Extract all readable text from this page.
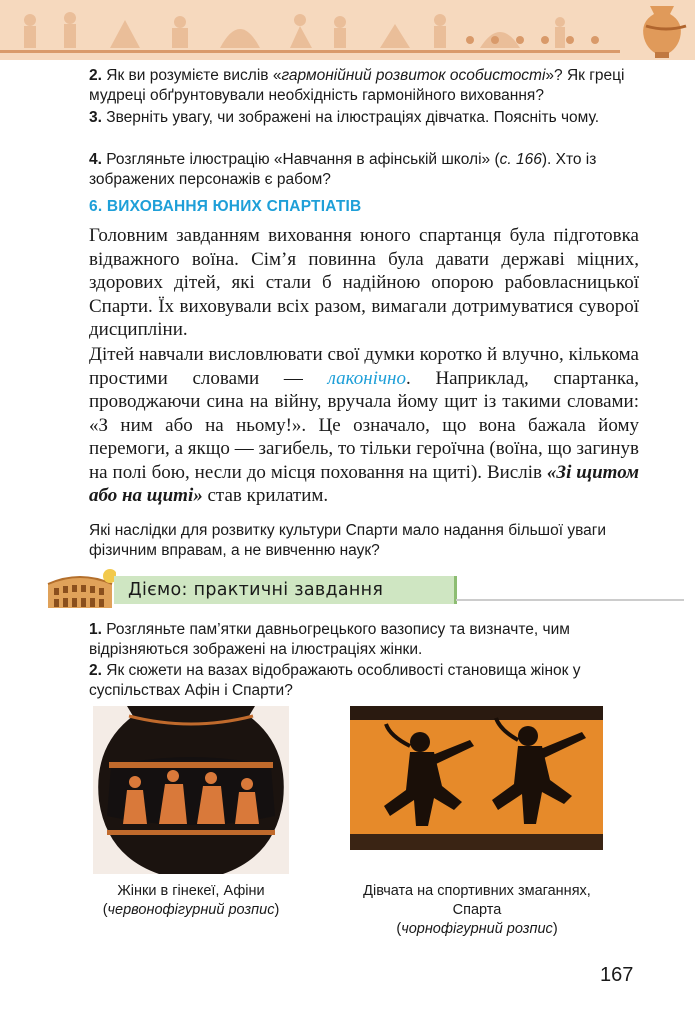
2. Як ви розумієте вислів «гармонійний розвиток особистості»? Як греці мудреці обґрунтовували необхідність гармонійного виховання?
3. Зверніть увагу, чи зображені на ілюстраціях дівчатка. Поясніть чому.
4. Розгляньте ілюстрацію «Навчання в афінській школі» (с. 166). Хто із зображених персонажів є рабом?
6. ВИХОВАННЯ ЮНИХ СПАРТІАТІВ
Головним завданням виховання юного спартанця була підготовка відважного воїна. Сім’я повинна була давати державі міцних, здорових дітей, які стали б надійною опорою рабовласницької Спарти. Їх виховували всіх разом, вимагали дотримуватися суворої дисципліни.
Дітей навчали висловлювати свої думки коротко й влучно, кількома простими словами — лаконічно. Наприклад, спартанка, проводжаючи сина на війну, вручала йому щит із такими словами: «З ним або на ньому!». Це означало, що вона бажала йому перемоги, а якщо — загибель, то тільки героїчна (воїна, що загинув на полі бою, несли до місця поховання на щиті). Вислів «Зі щитом або на щиті» став крилатим.
Які наслідки для розвитку культури Спарти мало надання більшої уваги фізичним вправам, а не вивченню наук?
Діємо: практичні завдання
1. Розгляньте пам’ятки давньогрецького вазопису та визначте, чим відрізняються зображені на ілюстраціях жінки.
2. Як сюжети на вазах відображають особливості становища жінок у суспільствах Афін і Спарти?
Жінки в гінекеї, Афіни
(червонофігурний розпис)
Дівчата на спортивних змаганнях,
Спарта
(чорнофігурний розпис)
167
